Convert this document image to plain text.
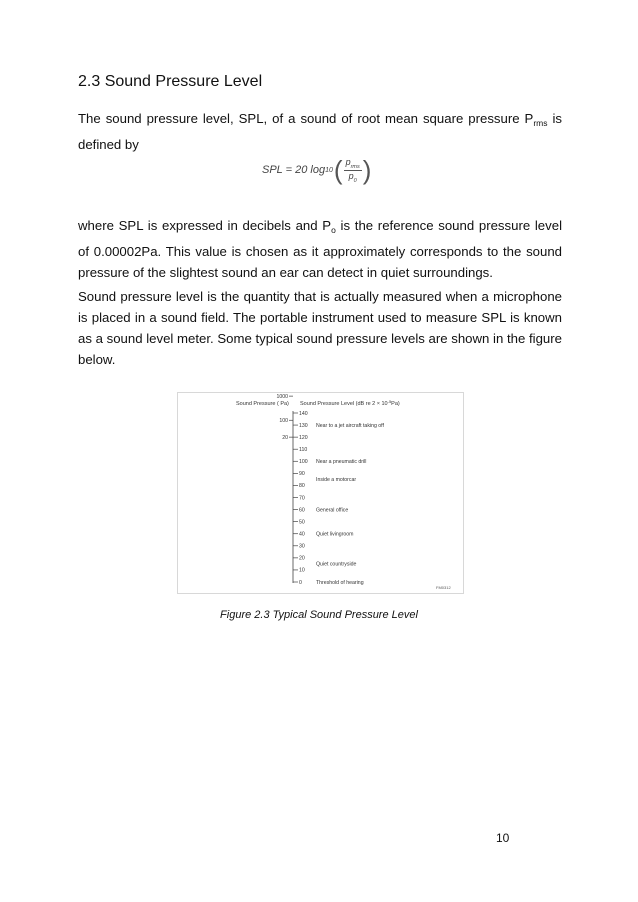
2.3 Sound Pressure Level
The sound pressure level, SPL, of a sound of root mean square pressure $P_{rms}$ is defined by
SPL = 20 log 10 ( $\frac{p_{rms}}{p_0}$ )
where SPL is expressed in decibels and $P_o$ is the reference sound pressure level of 0.00002Pa. This value is chosen as it approximately corresponds to the sound pressure of the slightest sound an ear can detect in quiet surroundings.
Sound pressure level is the quantity that is actually measured when a microphone is placed in a sound field. The portable instrument used to measure SPL is known as a sound level meter. Some typical sound pressure levels are shown in the figure below.
Sound Pressure ( Pa) Sound Pressure Level (dB re $2 \times 10^{-5}Pa$)
140
130
120
110
100
90
80
70
60
50
40
30
20
10
0
1000
100
20
Near to a jet aircraft taking off
Near a pneumatic drill
Inside a motorcar
General office
Quiet livingroom
Quiet countryside
Threshold of hearing
FM0312
Figure 2.3 Typical Sound Pressure Level
10
